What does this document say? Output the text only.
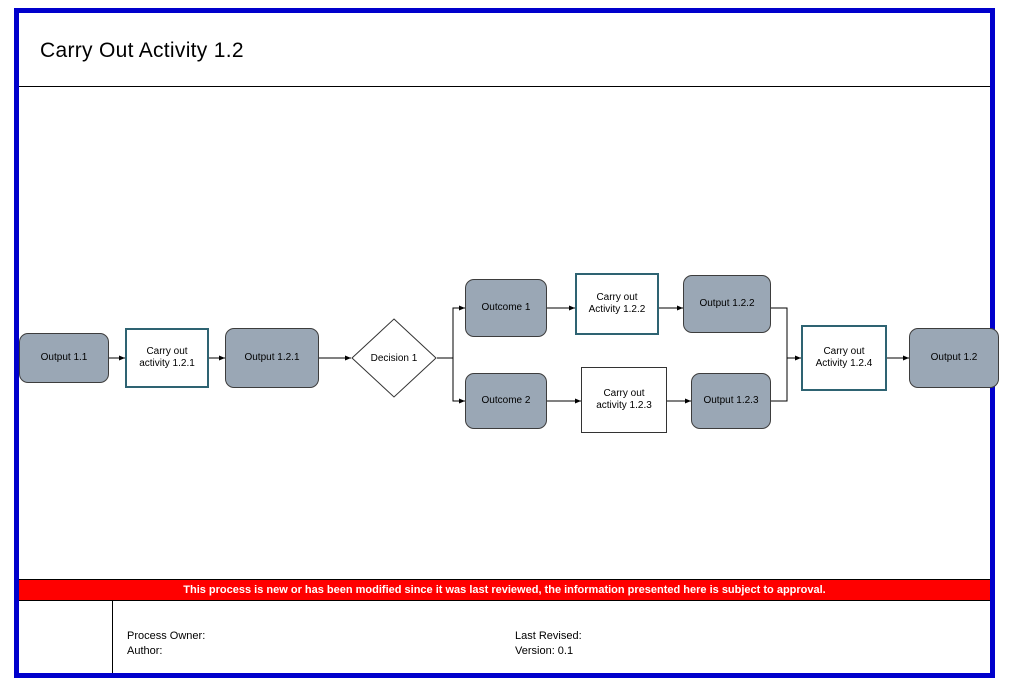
Carry Out Activity 1.2
Output 1.1
Carry out
activity 1.2.1
Output 1.2.1	Decision 1
Outcome 1
Carry out
Activity 1.2.2
Output 1.2.2
Outcome 2
Carry out
activity 1.2.3	Output 1.2.3
Carry out
Activity 1.2.4
Output 1.2
This process is new or has been modified since it was last reviewed, the information presented here is subject to approval.
Process Owner:
Author:
Last Revised:
Version: 0.1
